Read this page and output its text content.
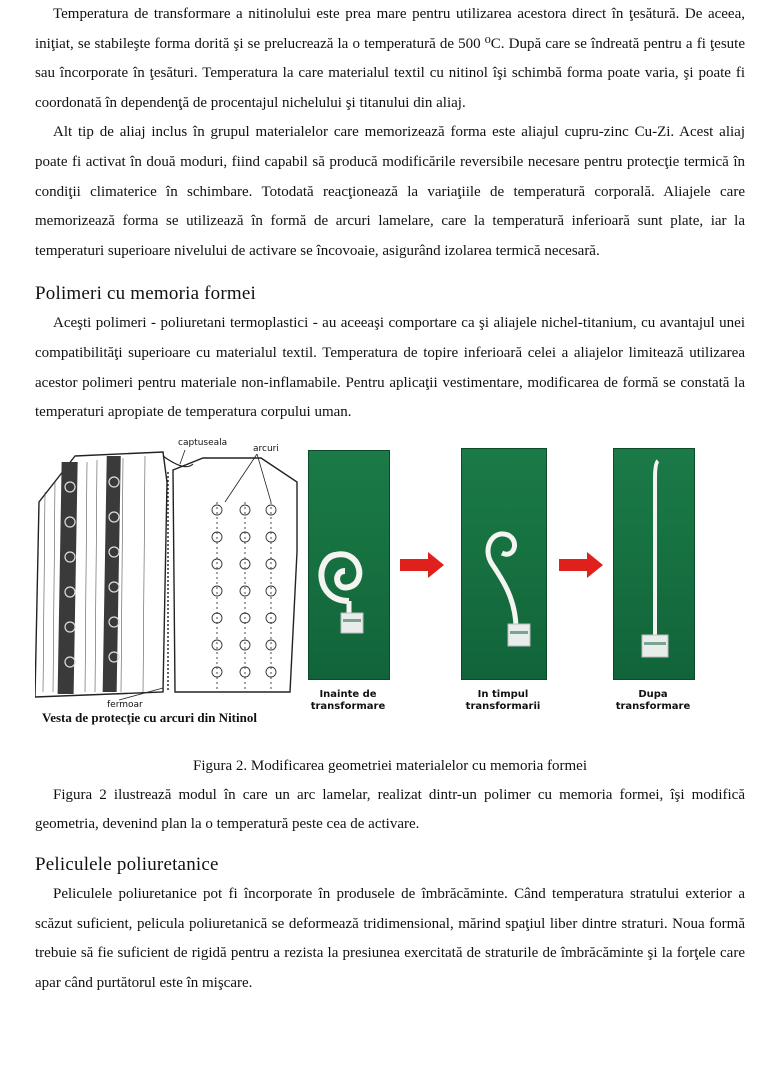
Temperatura de transformare a nitinolului este prea mare pentru utilizarea acestora direct în ţesătură. De aceea, iniţiat, se stabileşte forma dorită şi se prelucrează la o temperatură de 500 ⁰C. După care se îndreată pentru a fi ţesute sau încorporate în ţesături. Temperatura la care materialul textil cu nitinol îşi schimbă forma poate varia, şi poate fi coordonată în dependenţă de procentajul nichelului şi titanului din aliaj.

Alt tip de aliaj inclus în grupul materialelor care memorizează forma este aliajul cupru-zinc Cu-Zi. Acest aliaj poate fi activat în două moduri, fiind capabil să producă modificările reversibile necesare pentru protecţie termică în condiţii climaterice în schimbare. Totodată reacţionează la variaţiile de temperatură corporală. Aliajele care memorizează forma se utilizează în formă de arcuri lamelare, care la temperatură inferioară sunt plate, iar la temperaturi superioare nivelului de activare se încovoaie, asigurând izolarea termică necesară.

Polimeri cu memoria formei

Aceşti polimeri - poliuretani termoplastici - au aceeaşi comportare ca şi aliajele nichel-titanium, cu avantajul unei compatibilităţi superioare cu materialul textil. Temperatura de topire inferioară celei a aliajelor limitează utilizarea acestor polimeri pentru materiale non-inflamabile. Pentru aplicaţii vestimentare, modificarea de formă se constată la temperaturi apropiate de temperatura corpului uman.

captuseala
arcuri
fermoar
Vesta de protecţie cu arcuri din Nitinol
Inainte de transformare
In timpul transformarii
Dupa transformare
Figura 2. Modificarea geometriei materialelor cu memoria formei

Figura 2 ilustrează modul în care un arc lamelar, realizat dintr-un polimer cu memoria formei, îşi modifică geometria, devenind plan la o temperatură peste cea de activare.

Peliculele poliuretanice

Peliculele poliuretanice pot fi încorporate în produsele de îmbrăcăminte. Când temperatura stratului exterior a scăzut suficient, pelicula poliuretanică se deformează tridimensional, mărind spaţiul liber dintre straturi. Noua formă trebuie să fie suficient de rigidă pentru a rezista la presiunea exercitată de straturile de îmbrăcăminte şi la forţele care apar când purtătorul este în mişcare.
